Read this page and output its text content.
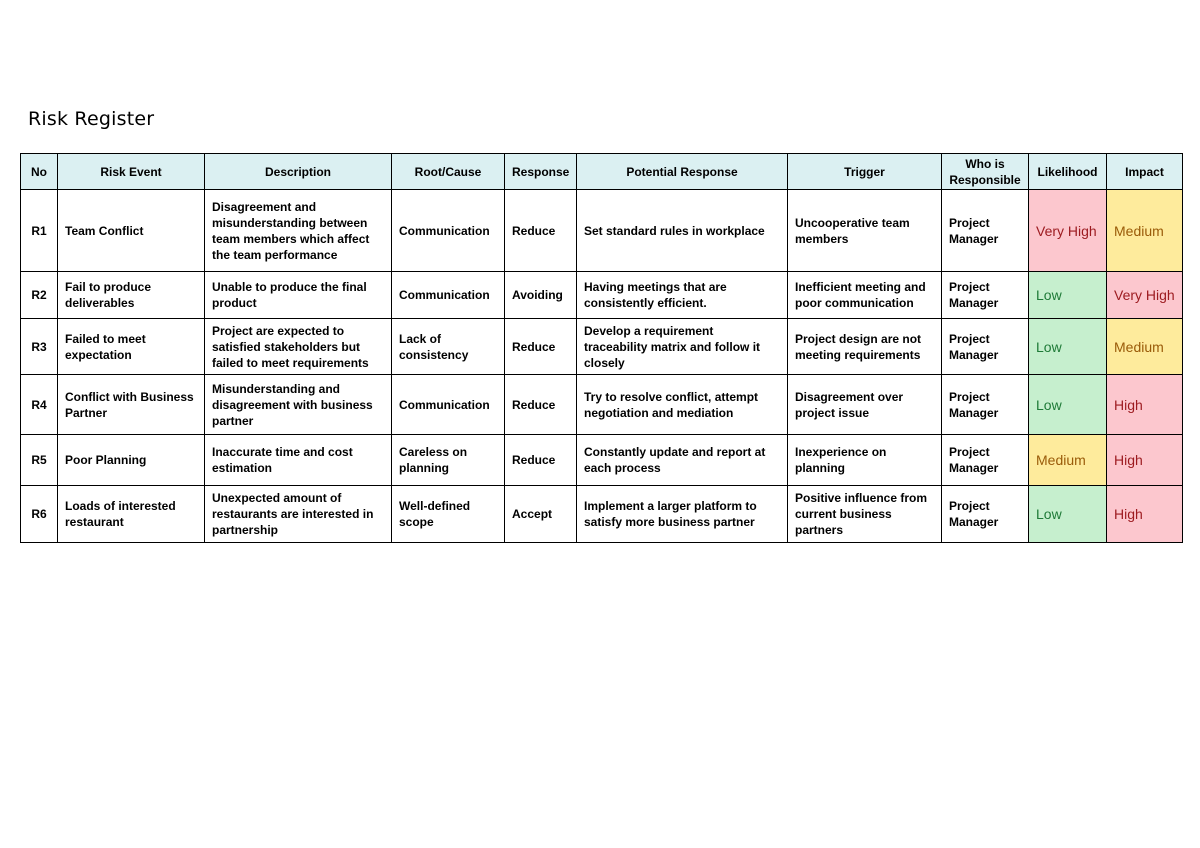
Risk Register
No	Risk Event	Description	Root/Cause	Response	Potential Response	Trigger	Who is Responsible	Likelihood	Impact
R1	Team Conflict	Disagreement and misunderstanding between team members which affect the team performance	Communication	Reduce	Set standard rules in workplace	Uncooperative team members	Project Manager	Very High	Medium
R2	Fail to produce deliverables	Unable to produce the final product	Communication	Avoiding	Having meetings that are consistently efficient.	Inefficient meeting and poor communication	Project Manager	Low	Very High
R3	Failed to meet expectation	Project are expected to satisfied stakeholders but failed to meet requirements	Lack of consistency	Reduce	Develop a requirement traceability matrix and follow it closely	Project design are not meeting requirements	Project Manager	Low	Medium
R4	Conflict with Business Partner	Misunderstanding and disagreement with business partner	Communication	Reduce	Try to resolve conflict, attempt negotiation and mediation	Disagreement over project issue	Project Manager	Low	High
R5	Poor Planning	Inaccurate time and cost estimation	Careless on planning	Reduce	Constantly update and report at each process	Inexperience on planning	Project Manager	Medium	High
R6	Loads of interested restaurant	Unexpected amount of restaurants are interested in partnership	Well-defined scope	Accept	Implement a larger platform to satisfy more business partner	Positive influence from current business partners	Project Manager	Low	High
